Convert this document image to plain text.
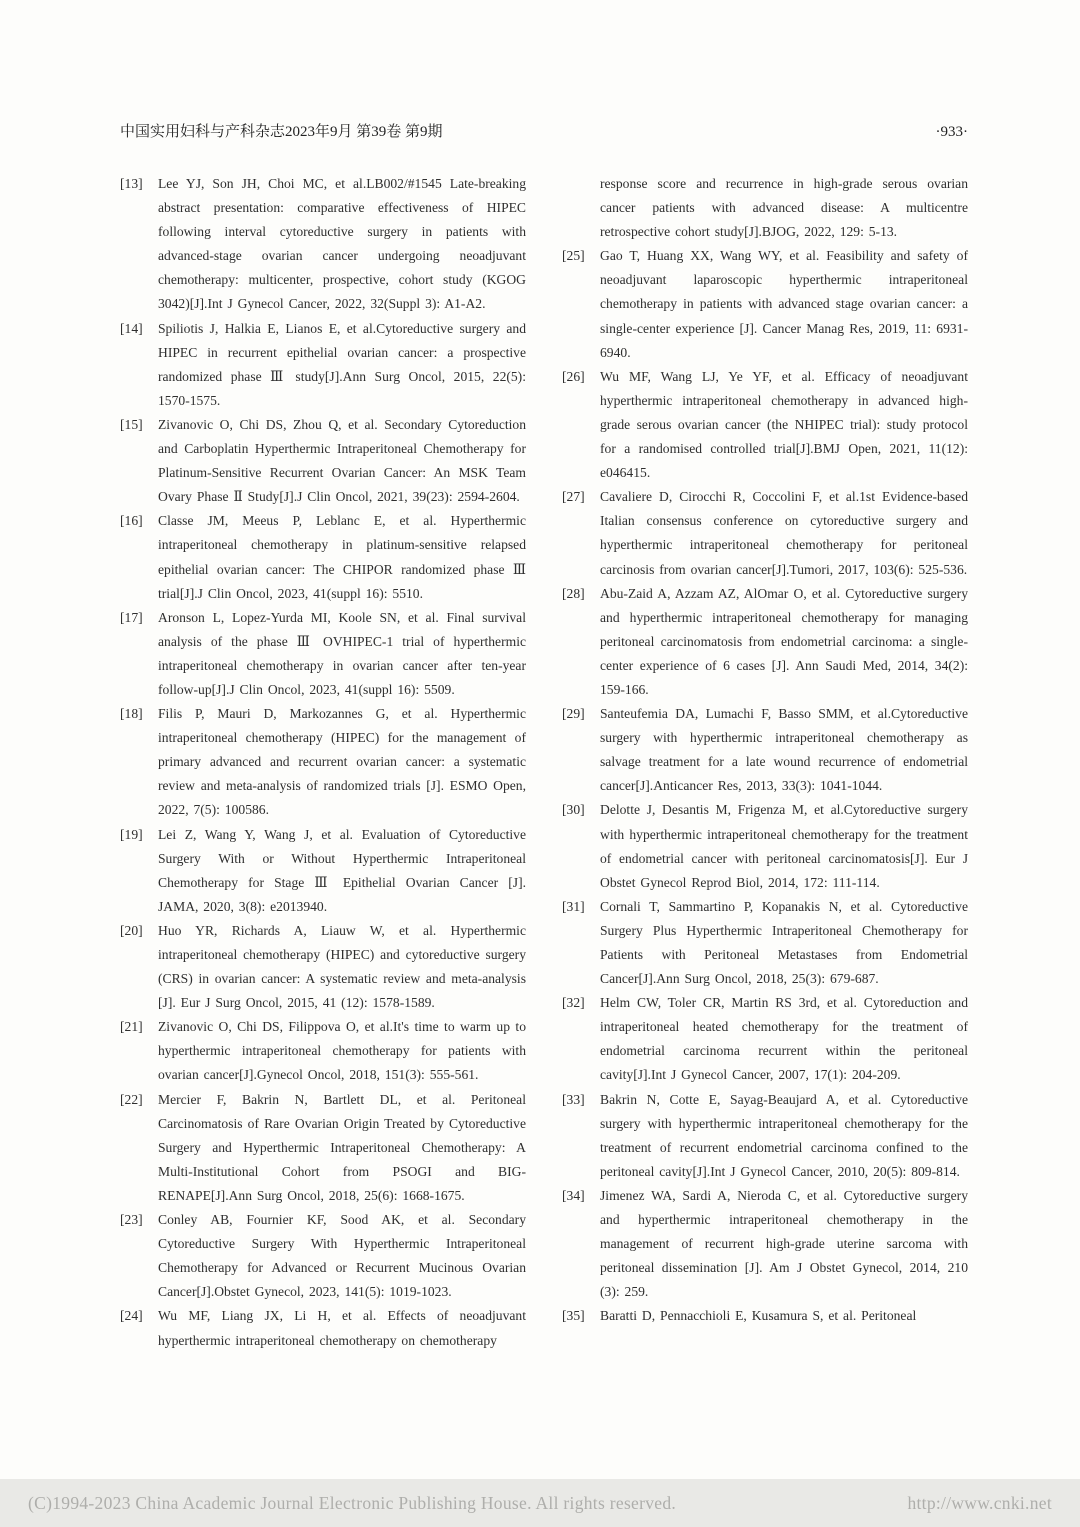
中国实用妇科与产科杂志2023年9月 第39卷 第9期	·933·

[13] Lee YJ, Son JH, Choi MC, et al.LB002/#1545 Late-breaking abstract presentation: comparative effectiveness of HIPEC following interval cytoreductive surgery in patients with advanced-stage ovarian cancer undergoing neoadjuvant chemotherapy: multicenter, prospective, cohort study (KGOG 3042)[J].Int J Gynecol Cancer, 2022, 32(Suppl 3): A1-A2.

[14] Spiliotis J, Halkia E, Lianos E, et al.Cytoreductive surgery and HIPEC in recurrent epithelial ovarian cancer: a prospective randomized phase Ⅲ study[J].Ann Surg Oncol, 2015, 22(5): 1570-1575.

[15] Zivanovic O, Chi DS, Zhou Q, et al. Secondary Cytoreduction and Carboplatin Hyperthermic Intraperitoneal Chemotherapy for Platinum-Sensitive Recurrent Ovarian Cancer: An MSK Team Ovary Phase Ⅱ Study[J].J Clin Oncol, 2021, 39(23): 2594-2604.

[16] Classe JM, Meeus P, Leblanc E, et al. Hyperthermic intraperitoneal chemotherapy in platinum-sensitive relapsed epithelial ovarian cancer: The CHIPOR randomized phase Ⅲ trial[J].J Clin Oncol, 2023, 41(suppl 16): 5510.

[17] Aronson L, Lopez-Yurda MI, Koole SN, et al. Final survival analysis of the phase Ⅲ OVHIPEC-1 trial of hyperthermic intraperitoneal chemotherapy in ovarian cancer after ten-year follow-up[J].J Clin Oncol, 2023, 41(suppl 16): 5509.

[18] Filis P, Mauri D, Markozannes G, et al. Hyperthermic intraperitoneal chemotherapy (HIPEC) for the management of primary advanced and recurrent ovarian cancer: a systematic review and meta-analysis of randomized trials [J]. ESMO Open, 2022, 7(5): 100586.

[19] Lei Z, Wang Y, Wang J, et al. Evaluation of Cytoreductive Surgery With or Without Hyperthermic Intraperitoneal Chemotherapy for Stage Ⅲ Epithelial Ovarian Cancer [J]. JAMA, 2020, 3(8): e2013940.

[20] Huo YR, Richards A, Liauw W, et al. Hyperthermic intraperitoneal chemotherapy (HIPEC) and cytoreductive surgery (CRS) in ovarian cancer: A systematic review and meta-analysis [J]. Eur J Surg Oncol, 2015, 41 (12): 1578-1589.

[21] Zivanovic O, Chi DS, Filippova O, et al.It's time to warm up to hyperthermic intraperitoneal chemotherapy for patients with ovarian cancer[J].Gynecol Oncol, 2018, 151(3): 555-561.

[22] Mercier F, Bakrin N, Bartlett DL, et al. Peritoneal Carcinomatosis of Rare Ovarian Origin Treated by Cytoreductive Surgery and Hyperthermic Intraperitoneal Chemotherapy: A Multi-Institutional Cohort from PSOGI and BIG-RENAPE[J].Ann Surg Oncol, 2018, 25(6): 1668-1675.

[23] Conley AB, Fournier KF, Sood AK, et al. Secondary Cytoreductive Surgery With Hyperthermic Intraperitoneal Chemotherapy for Advanced or Recurrent Mucinous Ovarian Cancer[J].Obstet Gynecol, 2023, 141(5): 1019-1023.

[24] Wu MF, Liang JX, Li H, et al. Effects of neoadjuvant hyperthermic intraperitoneal chemotherapy on chemotherapy

response score and recurrence in high-grade serous ovarian cancer patients with advanced disease: A multicentre retrospective cohort study[J].BJOG, 2022, 129: 5-13.

[25] Gao T, Huang XX, Wang WY, et al. Feasibility and safety of neoadjuvant laparoscopic hyperthermic intraperitoneal chemotherapy in patients with advanced stage ovarian cancer: a single-center experience [J]. Cancer Manag Res, 2019, 11: 6931-6940.

[26] Wu MF, Wang LJ, Ye YF, et al. Efficacy of neoadjuvant hyperthermic intraperitoneal chemotherapy in advanced high-grade serous ovarian cancer (the NHIPEC trial): study protocol for a randomised controlled trial[J].BMJ Open, 2021, 11(12): e046415.

[27] Cavaliere D, Cirocchi R, Coccolini F, et al.1st Evidence-based Italian consensus conference on cytoreductive surgery and hyperthermic intraperitoneal chemotherapy for peritoneal carcinosis from ovarian cancer[J].Tumori, 2017, 103(6): 525-536.

[28] Abu-Zaid A, Azzam AZ, AlOmar O, et al. Cytoreductive surgery and hyperthermic intraperitoneal chemotherapy for managing peritoneal carcinomatosis from endometrial carcinoma: a single-center experience of 6 cases [J]. Ann Saudi Med, 2014, 34(2): 159-166.

[29] Santeufemia DA, Lumachi F, Basso SMM, et al.Cytoreductive surgery with hyperthermic intraperitoneal chemotherapy as salvage treatment for a late wound recurrence of endometrial cancer[J].Anticancer Res, 2013, 33(3): 1041-1044.

[30] Delotte J, Desantis M, Frigenza M, et al.Cytoreductive surgery with hyperthermic intraperitoneal chemotherapy for the treatment of endometrial cancer with peritoneal carcinomatosis[J]. Eur J Obstet Gynecol Reprod Biol, 2014, 172: 111-114.

[31] Cornali T, Sammartino P, Kopanakis N, et al. Cytoreductive Surgery Plus Hyperthermic Intraperitoneal Chemotherapy for Patients with Peritoneal Metastases from Endometrial Cancer[J].Ann Surg Oncol, 2018, 25(3): 679-687.

[32] Helm CW, Toler CR, Martin RS 3rd, et al. Cytoreduction and intraperitoneal heated chemotherapy for the treatment of endometrial carcinoma recurrent within the peritoneal cavity[J].Int J Gynecol Cancer, 2007, 17(1): 204-209.

[33] Bakrin N, Cotte E, Sayag-Beaujard A, et al. Cytoreductive surgery with hyperthermic intraperitoneal chemotherapy for the treatment of recurrent endometrial carcinoma confined to the peritoneal cavity[J].Int J Gynecol Cancer, 2010, 20(5): 809-814.

[34] Jimenez WA, Sardi A, Nieroda C, et al. Cytoreductive surgery and hyperthermic intraperitoneal chemotherapy in the management of recurrent high-grade uterine sarcoma with peritoneal dissemination [J]. Am J Obstet Gynecol, 2014, 210 (3): 259.

[35] Baratti D, Pennacchioli E, Kusamura S, et al. Peritoneal

(C)1994-2023 China Academic Journal Electronic Publishing House. All rights reserved.	http://www.cnki.net
